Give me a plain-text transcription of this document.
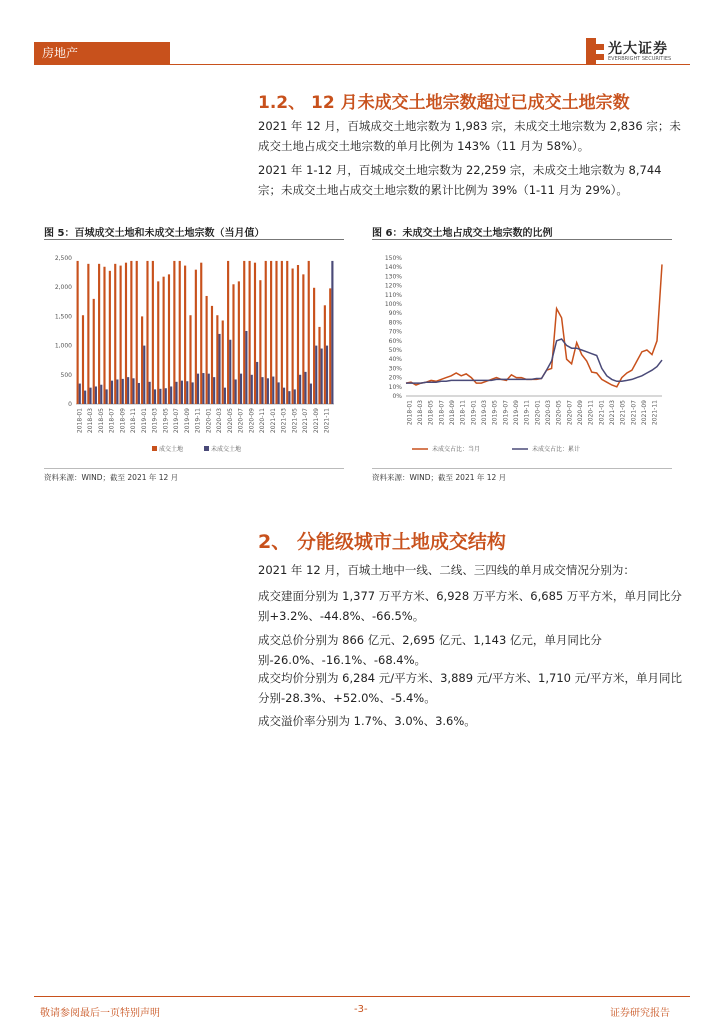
房地产	光大证券
EVERBRIGHT SECURITIES
1.2、 12 月未成交土地宗数超过已成交土地宗数

2021 年 12 月，百城成交土地宗数为 1,983 宗，未成交土地宗数为 2,836 宗；未成交土地占成交土地宗数的单月比例为 143%（11 月为 58%）。

2021 年 1-12 月，百城成交土地宗数为 22,259 宗，未成交土地宗数为 8,744 宗；未成交土地占成交土地宗数的累计比例为 39%（1-11 月为 29%）。

图 5：百城成交土地和未成交土地宗数（当月值）
0
500
1,000
1,500
2,000
2,500
2018-01 2018-03 2018-05 2018-07 2018-09 2018-11 2019-01 2019-03 2019-05 2019-07 2019-09 2019-11 2020-01 2020-03 2020-05 2020-07 2020-09 2020-11 2021-01 2021-03 2021-05 2021-07 2021-09 2021-11
成交土地	未成交土地
资料来源：WIND；截至 2021 年 12 月
图 6：未成交土地占成交土地宗数的比例
0%
10%
20%
30%
40%
50%
60%
70%
80%
90%
100%
110%
120%
130%
140%
150%
2018-01 2018-03 2018-05 2018-07 2018-09 2018-11 2019-01 2019-03 2019-05 2019-07 2019-09 2019-11 2020-01 2020-03 2020-05 2020-07 2020-09 2020-11 2021-01 2021-03 2021-05 2021-07 2021-09 2021-11
未成交占比：当月	未成交占比：累计
资料来源：WIND；截至 2021 年 12 月
2、 分能级城市土地成交结构

2021 年 12 月，百城土地中一线、二线、三四线的单月成交情况分别为：

成交建面分别为 1,377 万平方米、6,928 万平方米、6,685 万平方米，单月同比分别+3.2%、-44.8%、-66.5%。

成交总价分别为 866 亿元、2,695 亿元、1,143 亿元，单月同比分别-26.0%、-16.1%、-68.4%。

成交均价分别为 6,284 元/平方米、3,889 元/平方米、1,710 元/平方米，单月同比分别-28.3%、+52.0%、-5.4%。

成交溢价率分别为 1.7%、3.0%、3.6%。

敬请参阅最后一页特别声明	-3-	证券研究报告
